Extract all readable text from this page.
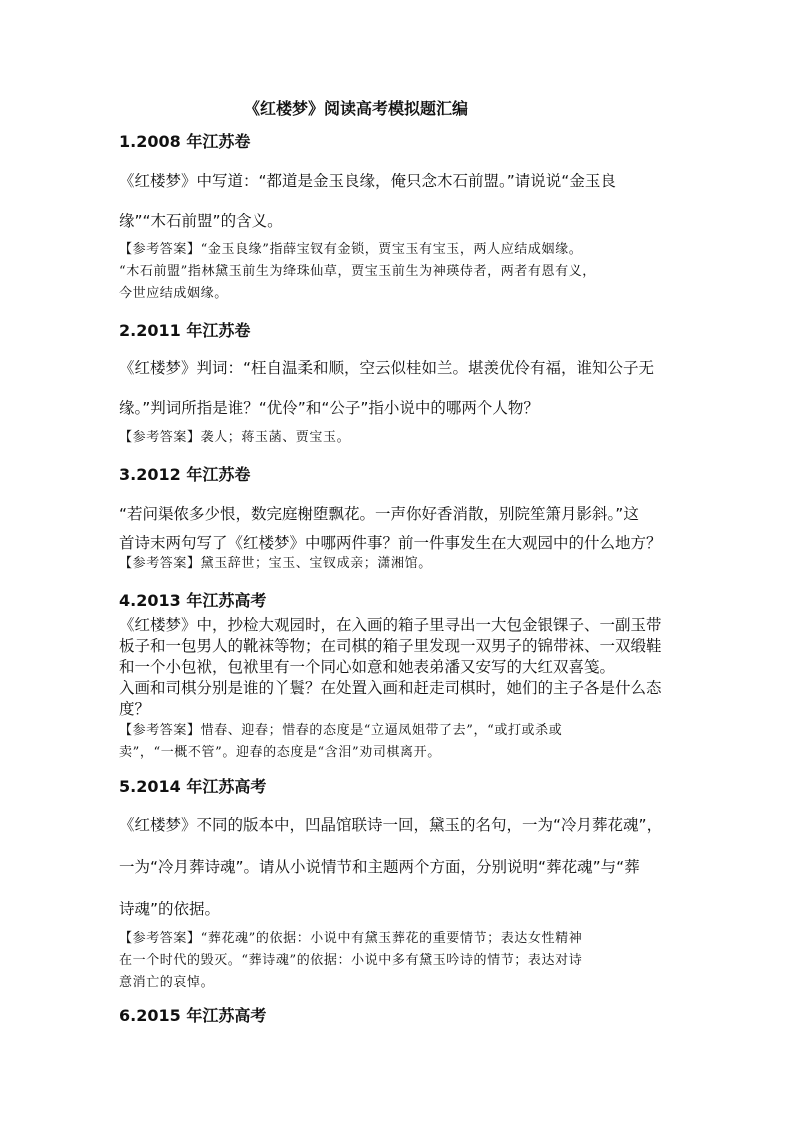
《红楼梦》阅读高考模拟题汇编
1.2008 年江苏卷
《红楼梦》中写道：“都道是金玉良缘，俺只念木石前盟。”请说说“金玉良
缘”“木石前盟”的含义。
【参考答案】“金玉良缘”指薛宝钗有金锁，贾宝玉有宝玉，两人应结成姻缘。
“木石前盟”指林黛玉前生为绛珠仙草，贾宝玉前生为神瑛侍者，两者有恩有义，
今世应结成姻缘。
2.2011 年江苏卷
《红楼梦》判词：“枉自温柔和顺，空云似桂如兰。堪羡优伶有福，谁知公子无
缘。”判词所指是谁？“优伶”和“公子”指小说中的哪两个人物？
【参考答案】袭人；蒋玉菡、贾宝玉。
3.2012 年江苏卷
“若问渠侬多少恨，数完庭榭堕飘花。一声你好香消散，别院笙箫月影斜。”这
首诗末两句写了《红楼梦》中哪两件事？前一件事发生在大观园中的什么地方？
【参考答案】黛玉辞世；宝玉、宝钗成亲；潇湘馆。
4.2013 年江苏高考
《红楼梦》中，抄检大观园时，在入画的箱子里寻出一大包金银锞子、一副玉带
板子和一包男人的靴袜等物；在司棋的箱子里发现一双男子的锦带袜、一双缎鞋
和一个小包袱，包袱里有一个同心如意和她表弟潘又安写的大红双喜笺。
入画和司棋分别是谁的丫鬟？在处置入画和赶走司棋时，她们的主子各是什么态
度？
【参考答案】惜春、迎春；惜春的态度是“立逼凤姐带了去”，“或打或杀或
卖”，“一概不管”。迎春的态度是“含泪”劝司棋离开。
5.2014 年江苏高考
《红楼梦》不同的版本中，凹晶馆联诗一回，黛玉的名句，一为“冷月葬花魂”，
一为“冷月葬诗魂”。请从小说情节和主题两个方面，分别说明“葬花魂”与“葬
诗魂”的依据。
【参考答案】“葬花魂”的依据：小说中有黛玉葬花的重要情节；表达女性精神
在一个时代的毁灭。“葬诗魂”的依据：小说中多有黛玉吟诗的情节；表达对诗
意消亡的哀悼。
6.2015 年江苏高考
